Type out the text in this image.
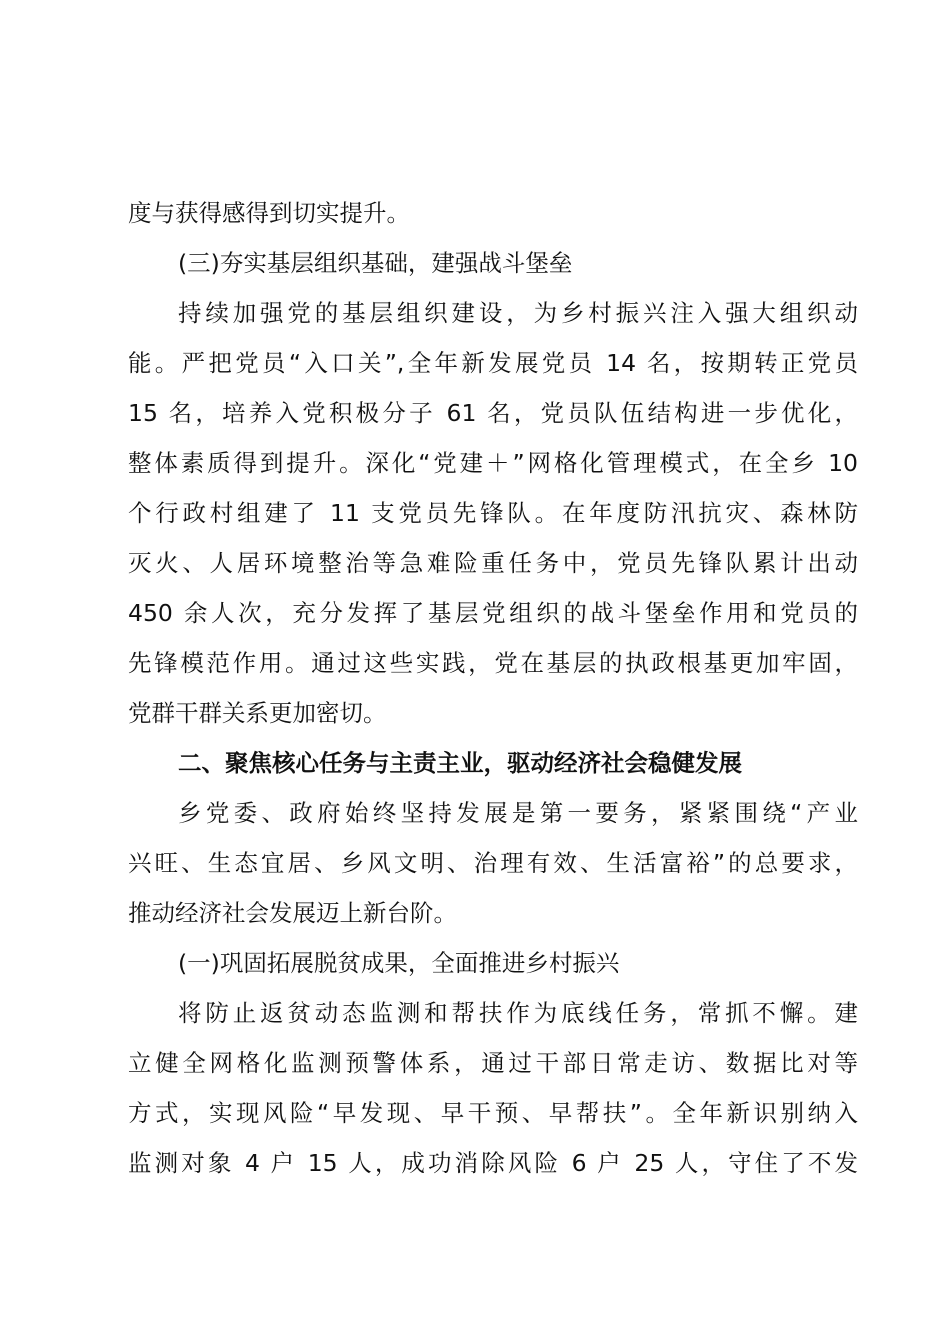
度与获得感得到切实提升。
(三)夯实基层组织基础，建强战斗堡垒
持续加强党的基层组织建设，为乡村振兴注入强大组织动
能。严把党员“入口关”,全年新发展党员 14 名，按期转正党员
15 名，培养入党积极分子 61 名，党员队伍结构进一步优化，
整体素质得到提升。深化“党建＋”网格化管理模式，在全乡 10
个行政村组建了 11 支党员先锋队。在年度防汛抗灾、森林防
灭火、人居环境整治等急难险重任务中，党员先锋队累计出动
450 余人次，充分发挥了基层党组织的战斗堡垒作用和党员的
先锋模范作用。通过这些实践，党在基层的执政根基更加牢固，
党群干群关系更加密切。
二、聚焦核心任务与主责主业，驱动经济社会稳健发展
乡党委、政府始终坚持发展是第一要务，紧紧围绕“产业
兴旺、生态宜居、乡风文明、治理有效、生活富裕”的总要求，
推动经济社会发展迈上新台阶。
(一)巩固拓展脱贫成果，全面推进乡村振兴
将防止返贫动态监测和帮扶作为底线任务，常抓不懈。建
立健全网格化监测预警体系，通过干部日常走访、数据比对等
方式，实现风险“早发现、早干预、早帮扶”。全年新识别纳入
监测对象 4 户 15 人，成功消除风险 6 户 25 人，守住了不发
